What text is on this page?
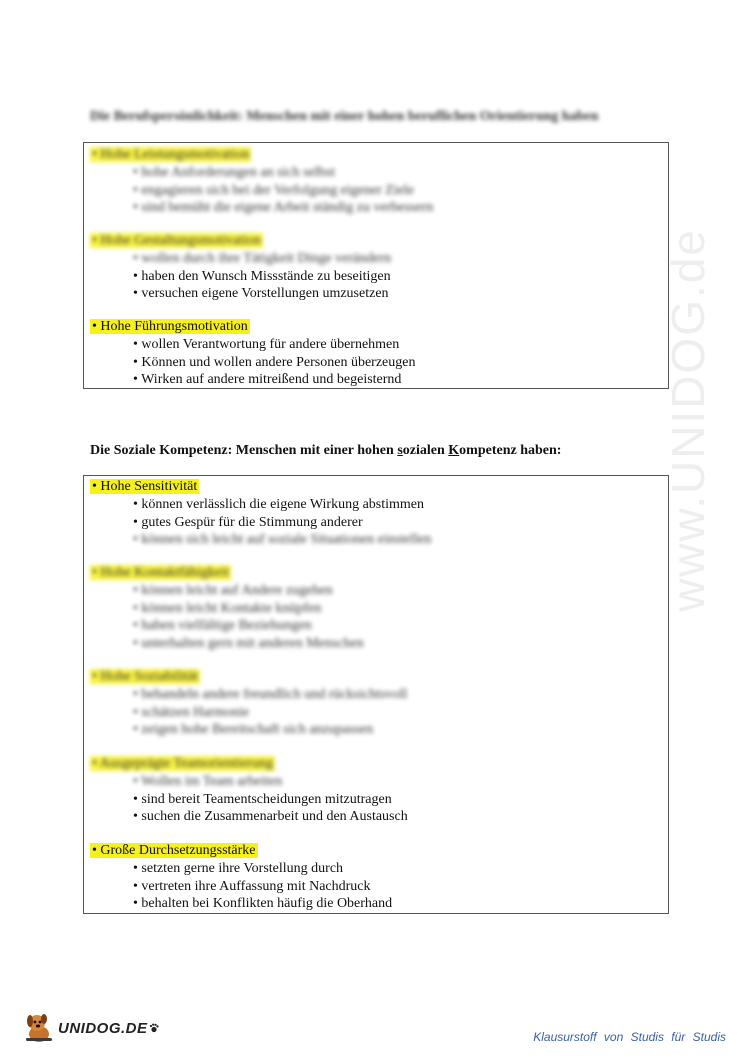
www.UNIDOG.de
Die Berufspersönlichkeit: Menschen mit einer hohen beruflichen Orientierung haben
• Hohe Leistungsmotivation
• hohe Anforderungen an sich selbst
• engagieren sich bei der Verfolgung eigener Ziele
• sind bemüht die eigene Arbeit ständig zu verbessern
• Hohe Gestaltungsmotivation
• wollen durch ihre Tätigkeit Dinge verändern
• haben den Wunsch Missstände zu beseitigen
• versuchen eigene Vorstellungen umzusetzen
• Hohe Führungsmotivation
• wollen Verantwortung für andere übernehmen
• Können und wollen andere Personen überzeugen
• Wirken auf andere mitreißend und begeisternd
Die Soziale Kompetenz: Menschen mit einer hohen sozialen Kompetenz haben:
• Hohe Sensitivität
• können verlässlich die eigene Wirkung abstimmen
• gutes Gespür für die Stimmung anderer
• können sich leicht auf soziale Situationen einstellen
• Hohe Kontaktfähigkeit
• können leicht auf Andere zugehen
• können leicht Kontakte knüpfen
• haben vielfältige Beziehungen
• unterhalten gern mit anderen Menschen
• Hohe Soziabilität
• behandeln andere freundlich und rücksichtsvoll
• schätzen Harmonie
• zeigen hohe Bereitschaft sich anzupassen
• Ausgeprägte Teamorientierung
• Wollen im Team arbeiten
• sind bereit Teamentscheidungen mitzutragen
• suchen die Zusammenarbeit und den Austausch
• Große Durchsetzungsstärke
• setzten gerne ihre Vorstellung durch
• vertreten ihre Auffassung mit Nachdruck
• behalten bei Konflikten häufig die Oberhand
UNIDOG.DE
Klausurstoff von Studis für Studis
